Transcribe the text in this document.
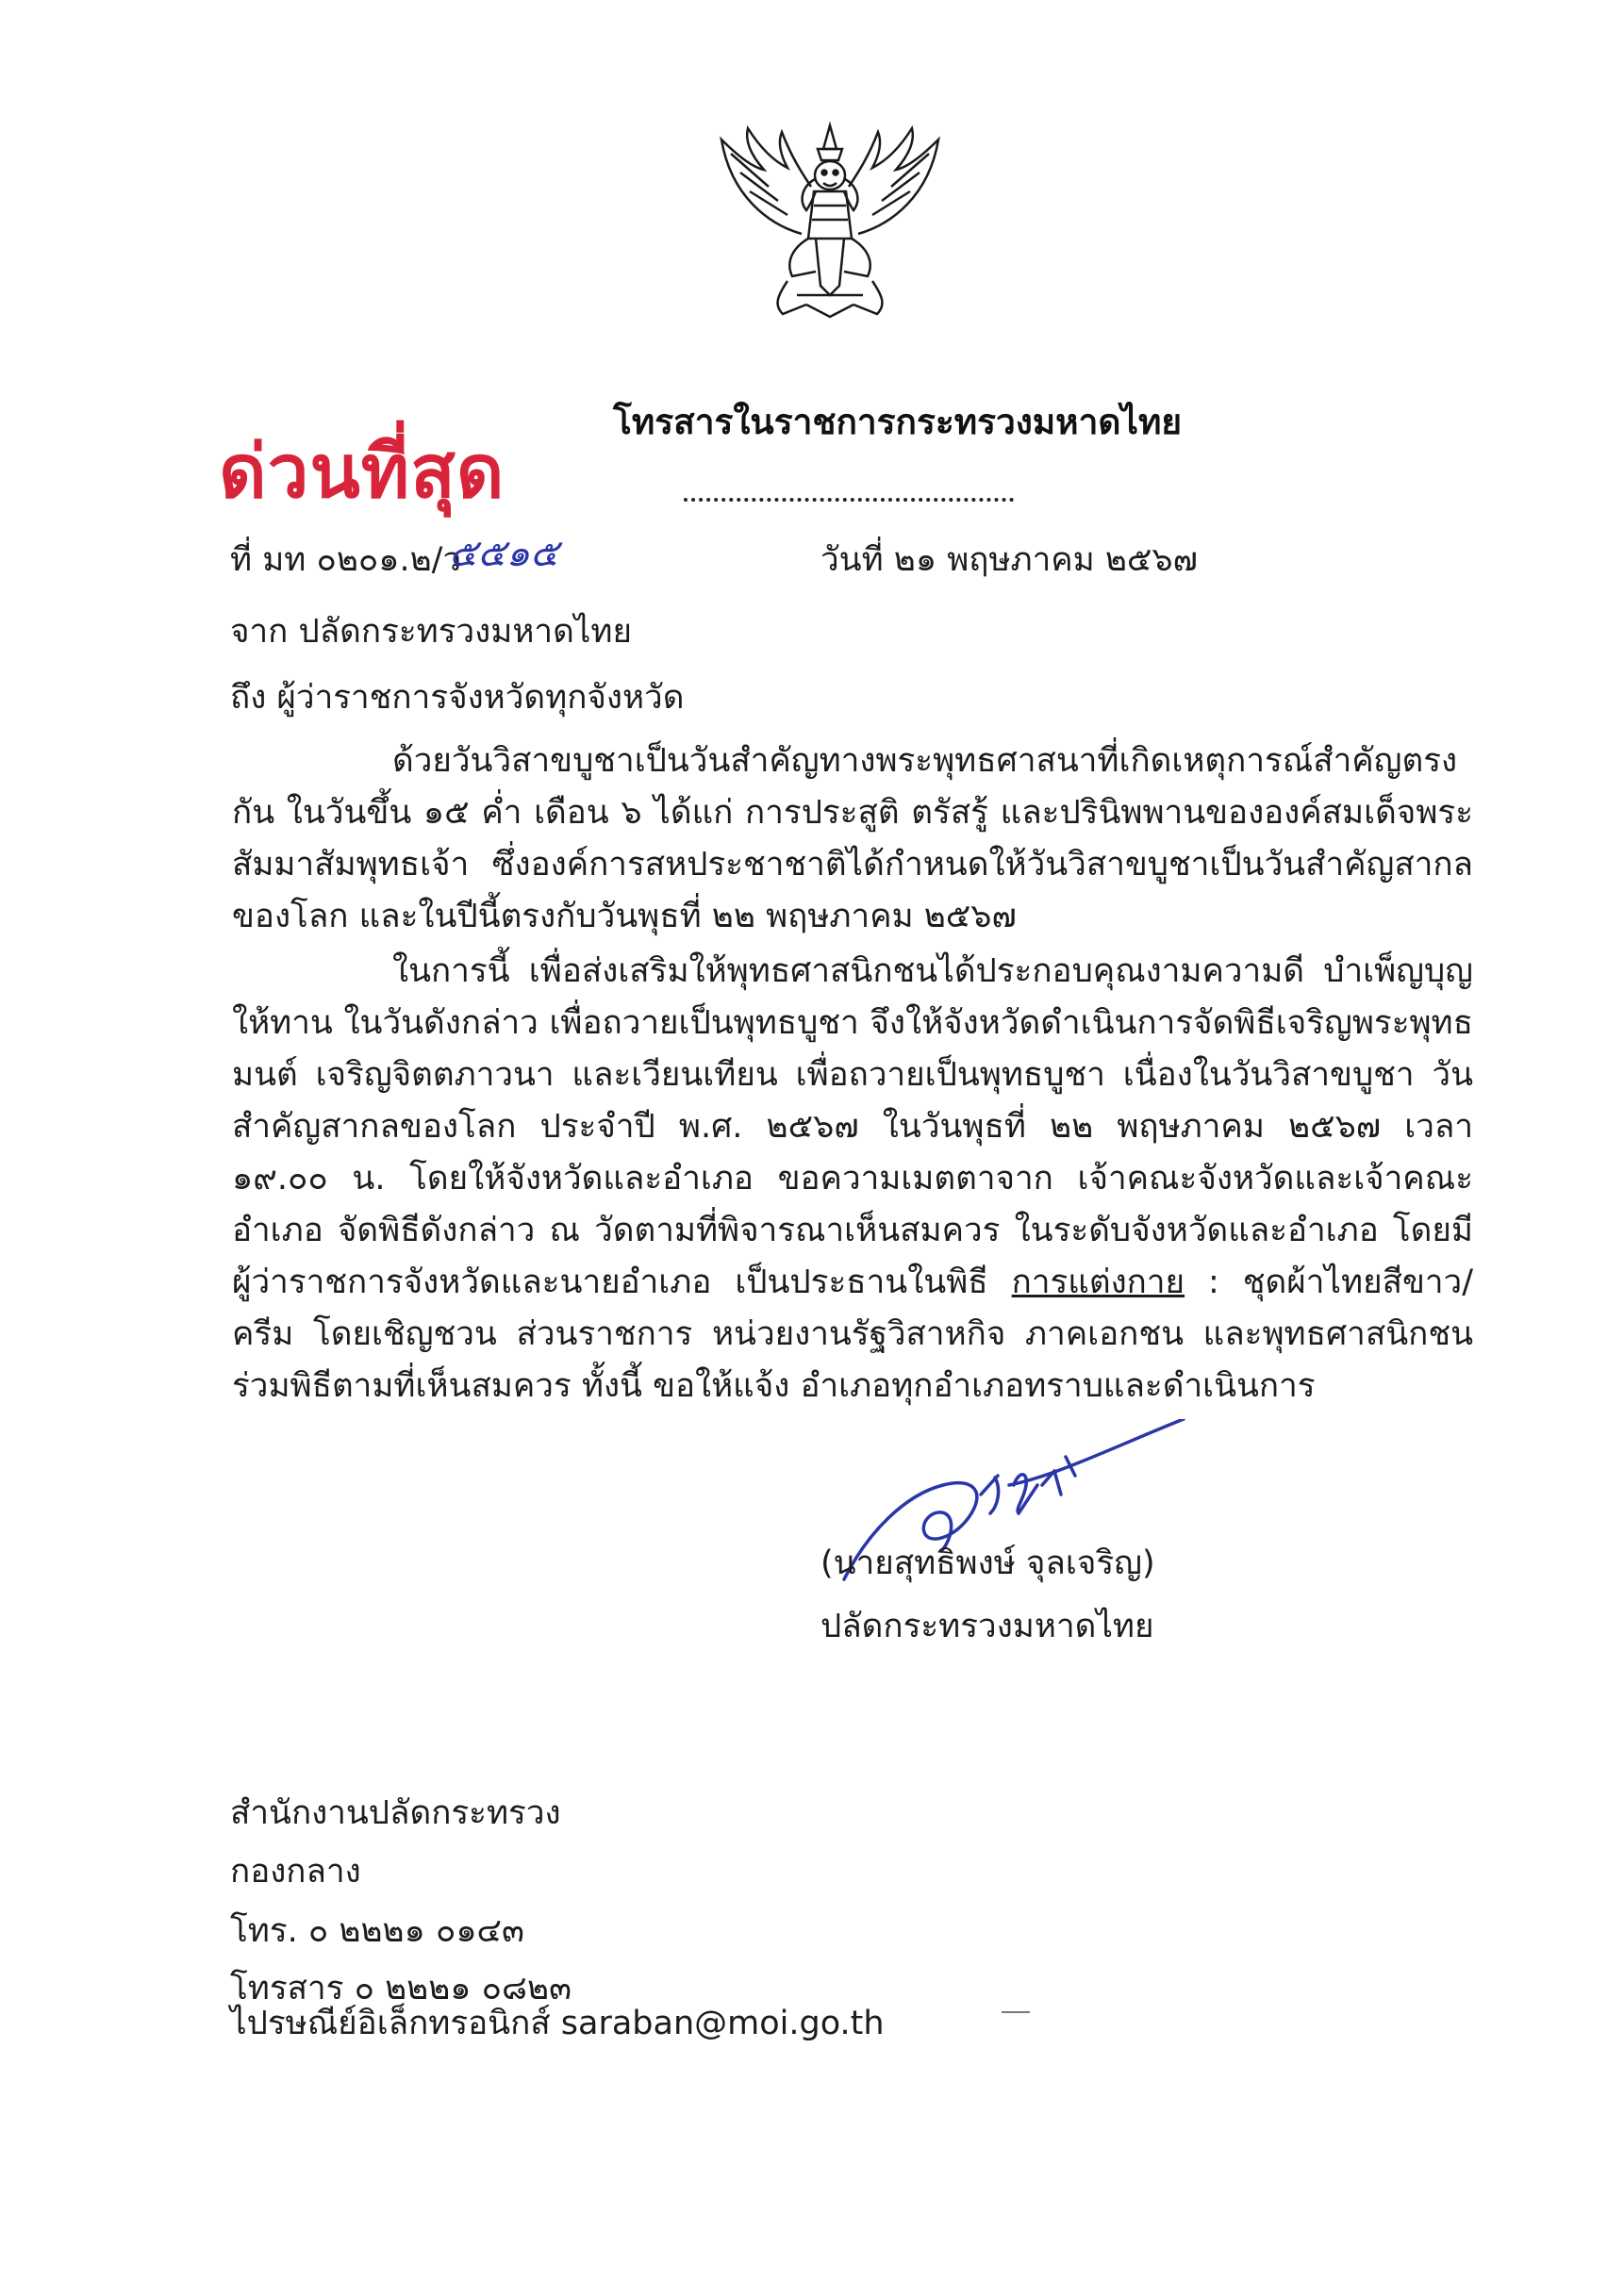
ด่วนที่สุด
โทรสารในราชการกระทรวงมหาดไทย
ที่ มท ๐๒๐๑.๒/ว
๕๕๑๕	วันที่ ๒๑ พฤษภาคม ๒๕๖๗
จาก ปลัดกระทรวงมหาดไทย
ถึง ผู้ว่าราชการจังหวัดทุกจังหวัด

ด้วยวันวิสาขบูชาเป็นวันสำคัญทางพระพุทธศาสนาที่เกิดเหตุการณ์สำคัญตรงกัน ในวันขึ้น ๑๕ ค่ำ เดือน ๖ ได้แก่ การประสูติ ตรัสรู้ และปรินิพพานขององค์สมเด็จพระสัมมาสัมพุทธเจ้า ซึ่งองค์การสหประชาชาติได้กำหนดให้วันวิสาขบูชาเป็นวันสำคัญสากลของโลก และในปีนี้ตรงกับวันพุธที่ ๒๒ พฤษภาคม ๒๕๖๗

ในการนี้ เพื่อส่งเสริมให้พุทธศาสนิกชนได้ประกอบคุณงามความดี บำเพ็ญบุญให้ทาน ในวันดังกล่าว เพื่อถวายเป็นพุทธบูชา จึงให้จังหวัดดำเนินการจัดพิธีเจริญพระพุทธมนต์ เจริญจิตตภาวนา และเวียนเทียน เพื่อถวายเป็นพุทธบูชา เนื่องในวันวิสาขบูชา วันสำคัญสากลของโลก ประจำปี พ.ศ. ๒๕๖๗ ในวันพุธที่ ๒๒ พฤษภาคม ๒๕๖๗ เวลา ๑๙.๐๐ น. โดยให้จังหวัดและอำเภอ ขอความเมตตาจาก เจ้าคณะจังหวัดและเจ้าคณะอำเภอ จัดพิธีดังกล่าว ณ วัดตามที่พิจารณาเห็นสมควร ในระดับจังหวัดและอำเภอ โดยมีผู้ว่าราชการจังหวัดและนายอำเภอ เป็นประธานในพิธี การแต่งกาย : ชุดผ้าไทยสีขาว/ครีม โดยเชิญชวน ส่วนราชการ หน่วยงานรัฐวิสาหกิจ ภาคเอกชน และพุทธศาสนิกชนร่วมพิธีตามที่เห็นสมควร ทั้งนี้ ขอให้แจ้ง อำเภอทุกอำเภอทราบและดำเนินการ

(นายสุทธิพงษ์ จุลเจริญ)
ปลัดกระทรวงมหาดไทย
สำนักงานปลัดกระทรวง
กองกลาง
โทร. ๐ ๒๒๒๑ ๐๑๔๓
โทรสาร ๐ ๒๒๒๑ ๐๘๒๓
ไปรษณีย์อิเล็กทรอนิกส์ saraban@moi.go.th
